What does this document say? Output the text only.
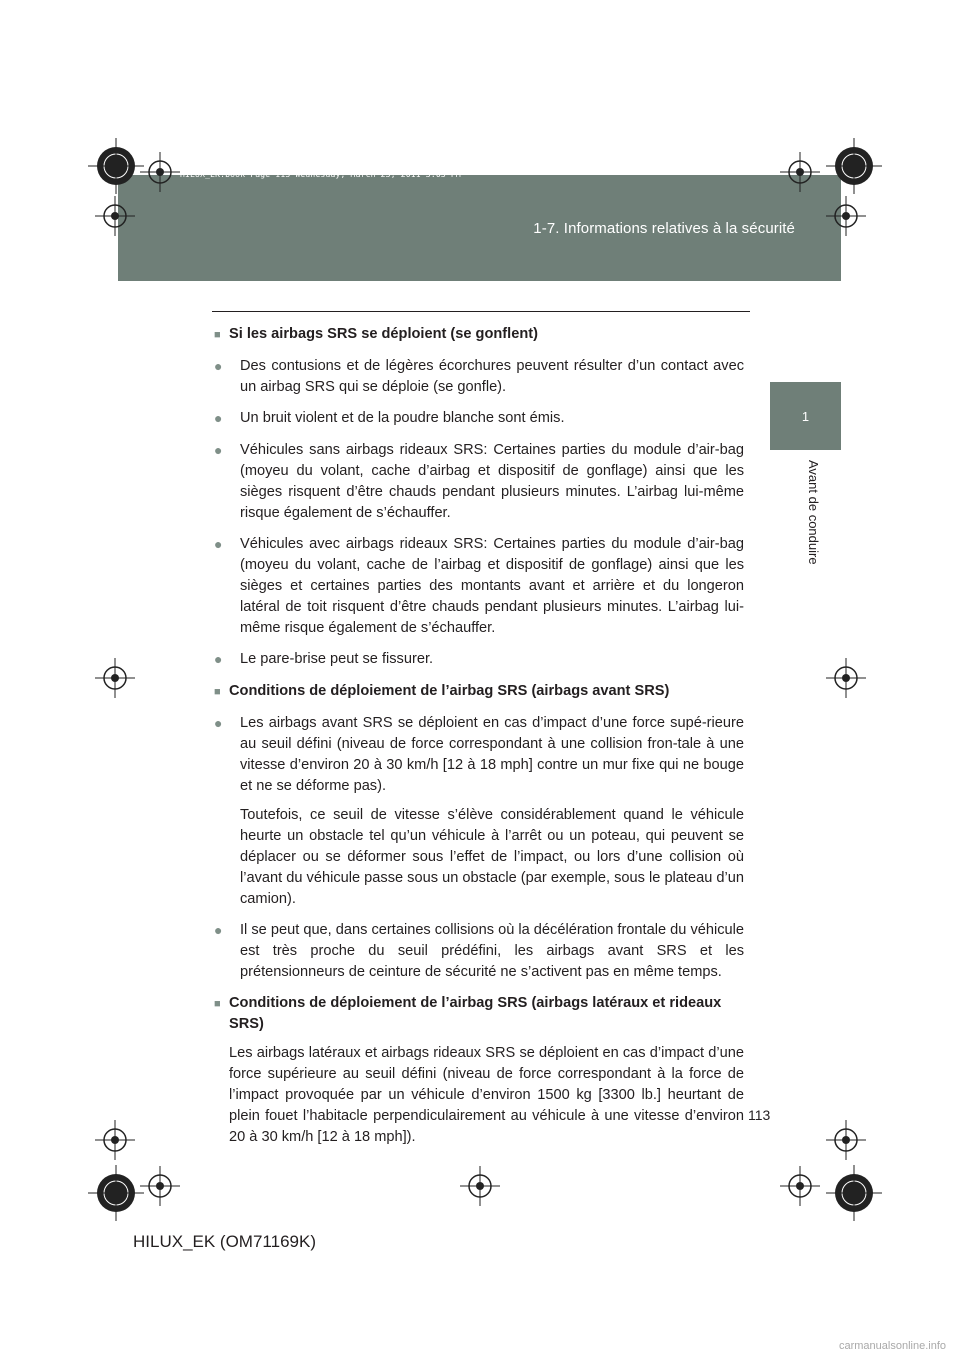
HILUX_EK.book Page 113 Wednesday, March 23, 2011 3:03 PM
1-7. Informations relatives à la sécurité
1
Avant de conduire
■
Si les airbags SRS se déploient (se gonflent)
●
Des contusions et de légères écorchures peuvent résulter d’un contact avec un airbag SRS qui se déploie (se gonfle).
●
Un bruit violent et de la poudre blanche sont émis.
●
Véhicules sans airbags rideaux SRS: Certaines parties du module d’air-bag (moyeu du volant, cache d’airbag et dispositif de gonflage) ainsi que les sièges risquent d’être chauds pendant plusieurs minutes. L’airbag lui-même risque également de s’échauffer.
●
Véhicules avec airbags rideaux SRS: Certaines parties du module d’air-bag (moyeu du volant, cache de l’airbag et dispositif de gonflage) ainsi que les sièges et certaines parties des montants avant et arrière et du longeron latéral de toit risquent d’être chauds pendant plusieurs minutes. L’airbag lui-même risque également de s’échauffer.
●
Le pare-brise peut se fissurer.
■
Conditions de déploiement de l’airbag SRS (airbags avant SRS)
●
Les airbags avant SRS se déploient en cas d’impact d’une force supé-rieure au seuil défini (niveau de force correspondant à une collision fron-tale à une vitesse d’environ 20 à 30 km/h [12 à 18 mph] contre un mur fixe qui ne bouge et ne se déforme pas).
Toutefois, ce seuil de vitesse s’élève considérablement quand le véhicule heurte un obstacle tel qu’un véhicule à l’arrêt ou un poteau, qui peuvent se déplacer ou se déformer sous l’effet de l’impact, ou lors d’une collision où l’avant du véhicule passe sous un obstacle (par exemple, sous le plateau d’un camion).
●
Il se peut que, dans certaines collisions où la décélération frontale du véhicule est très proche du seuil prédéfini, les airbags avant SRS et les prétensionneurs de ceinture de sécurité ne s’activent pas en même temps.
■
Conditions de déploiement de l’airbag SRS (airbags latéraux et rideaux SRS)
Les airbags latéraux et airbags rideaux SRS se déploient en cas d’impact d’une force supérieure au seuil défini (niveau de force correspondant à la force de l’impact provoquée par un véhicule d’environ 1500 kg [3300 lb.] heurtant de plein fouet l’habitacle perpendiculairement au véhicule à une vitesse d’environ 20 à 30 km/h [12 à 18 mph]).
113
HILUX_EK (OM71169K)
carmanualsonline.info
